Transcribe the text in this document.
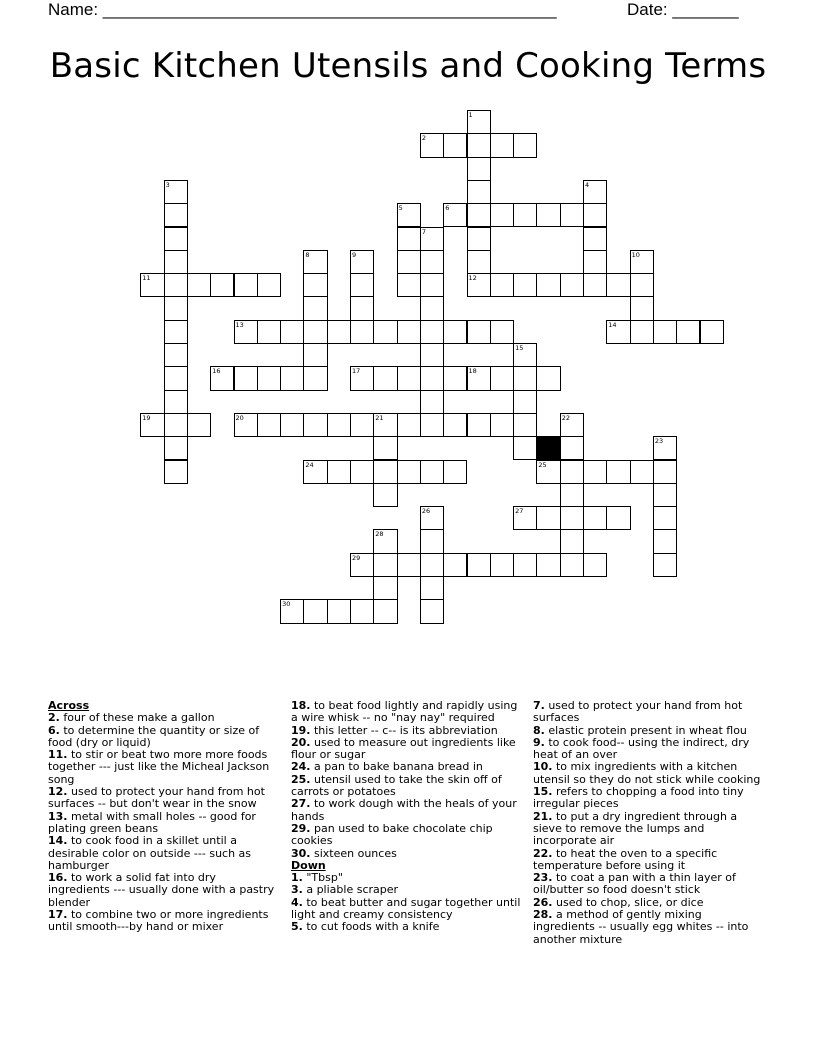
Name: ________________________________________________	Date: _______
Basic Kitchen Utensils and Cooking Terms
1
12
2
3	4
5	6
7
8	9	10
11
13	14
15
16	17	18
19	20	21	22
23
24	25
26	27
28
29
30
Across
2. four of these make a gallon
6. to determine the quantity or size of food (dry or liquid)
11. to stir or beat two more more foods together --- just like the Micheal Jackson song
12. used to protect your hand from hot surfaces -- but don't wear in the snow
13. metal with small holes -- good for plating green beans
14. to cook food in a skillet until a desirable color on outside --- such as hamburger
16. to work a solid fat into dry ingredients --- usually done with a pastry blender
17. to combine two or more ingredients until smooth---by hand or mixer
18. to beat food lightly and rapidly using a wire whisk -- no "nay nay" required
19. this letter -- c-- is its abbreviation
20. used to measure out ingredients like flour or sugar
24. a pan to bake banana bread in
25. utensil used to take the skin off of carrots or potatoes
27. to work dough with the heals of your hands
29. pan used to bake chocolate chip cookies
30. sixteen ounces
Down
1. "Tbsp"
3. a pliable scraper
4. to beat butter and sugar together until light and creamy consistency
5. to cut foods with a knife
7. used to protect your hand from hot surfaces
8. elastic protein present in wheat flou
9. to cook food-- using the indirect, dry heat of an over
10. to mix ingredients with a kitchen utensil so they do not stick while cooking
15. refers to chopping a food into tiny irregular pieces
21. to put a dry ingredient through a sieve to remove the lumps and incorporate air
22. to heat the oven to a specific temperature before using it
23. to coat a pan with a thin layer of oil/butter so food doesn't stick
26. used to chop, slice, or dice
28. a method of gently mixing ingredients -- usually egg whites -- into another mixture
